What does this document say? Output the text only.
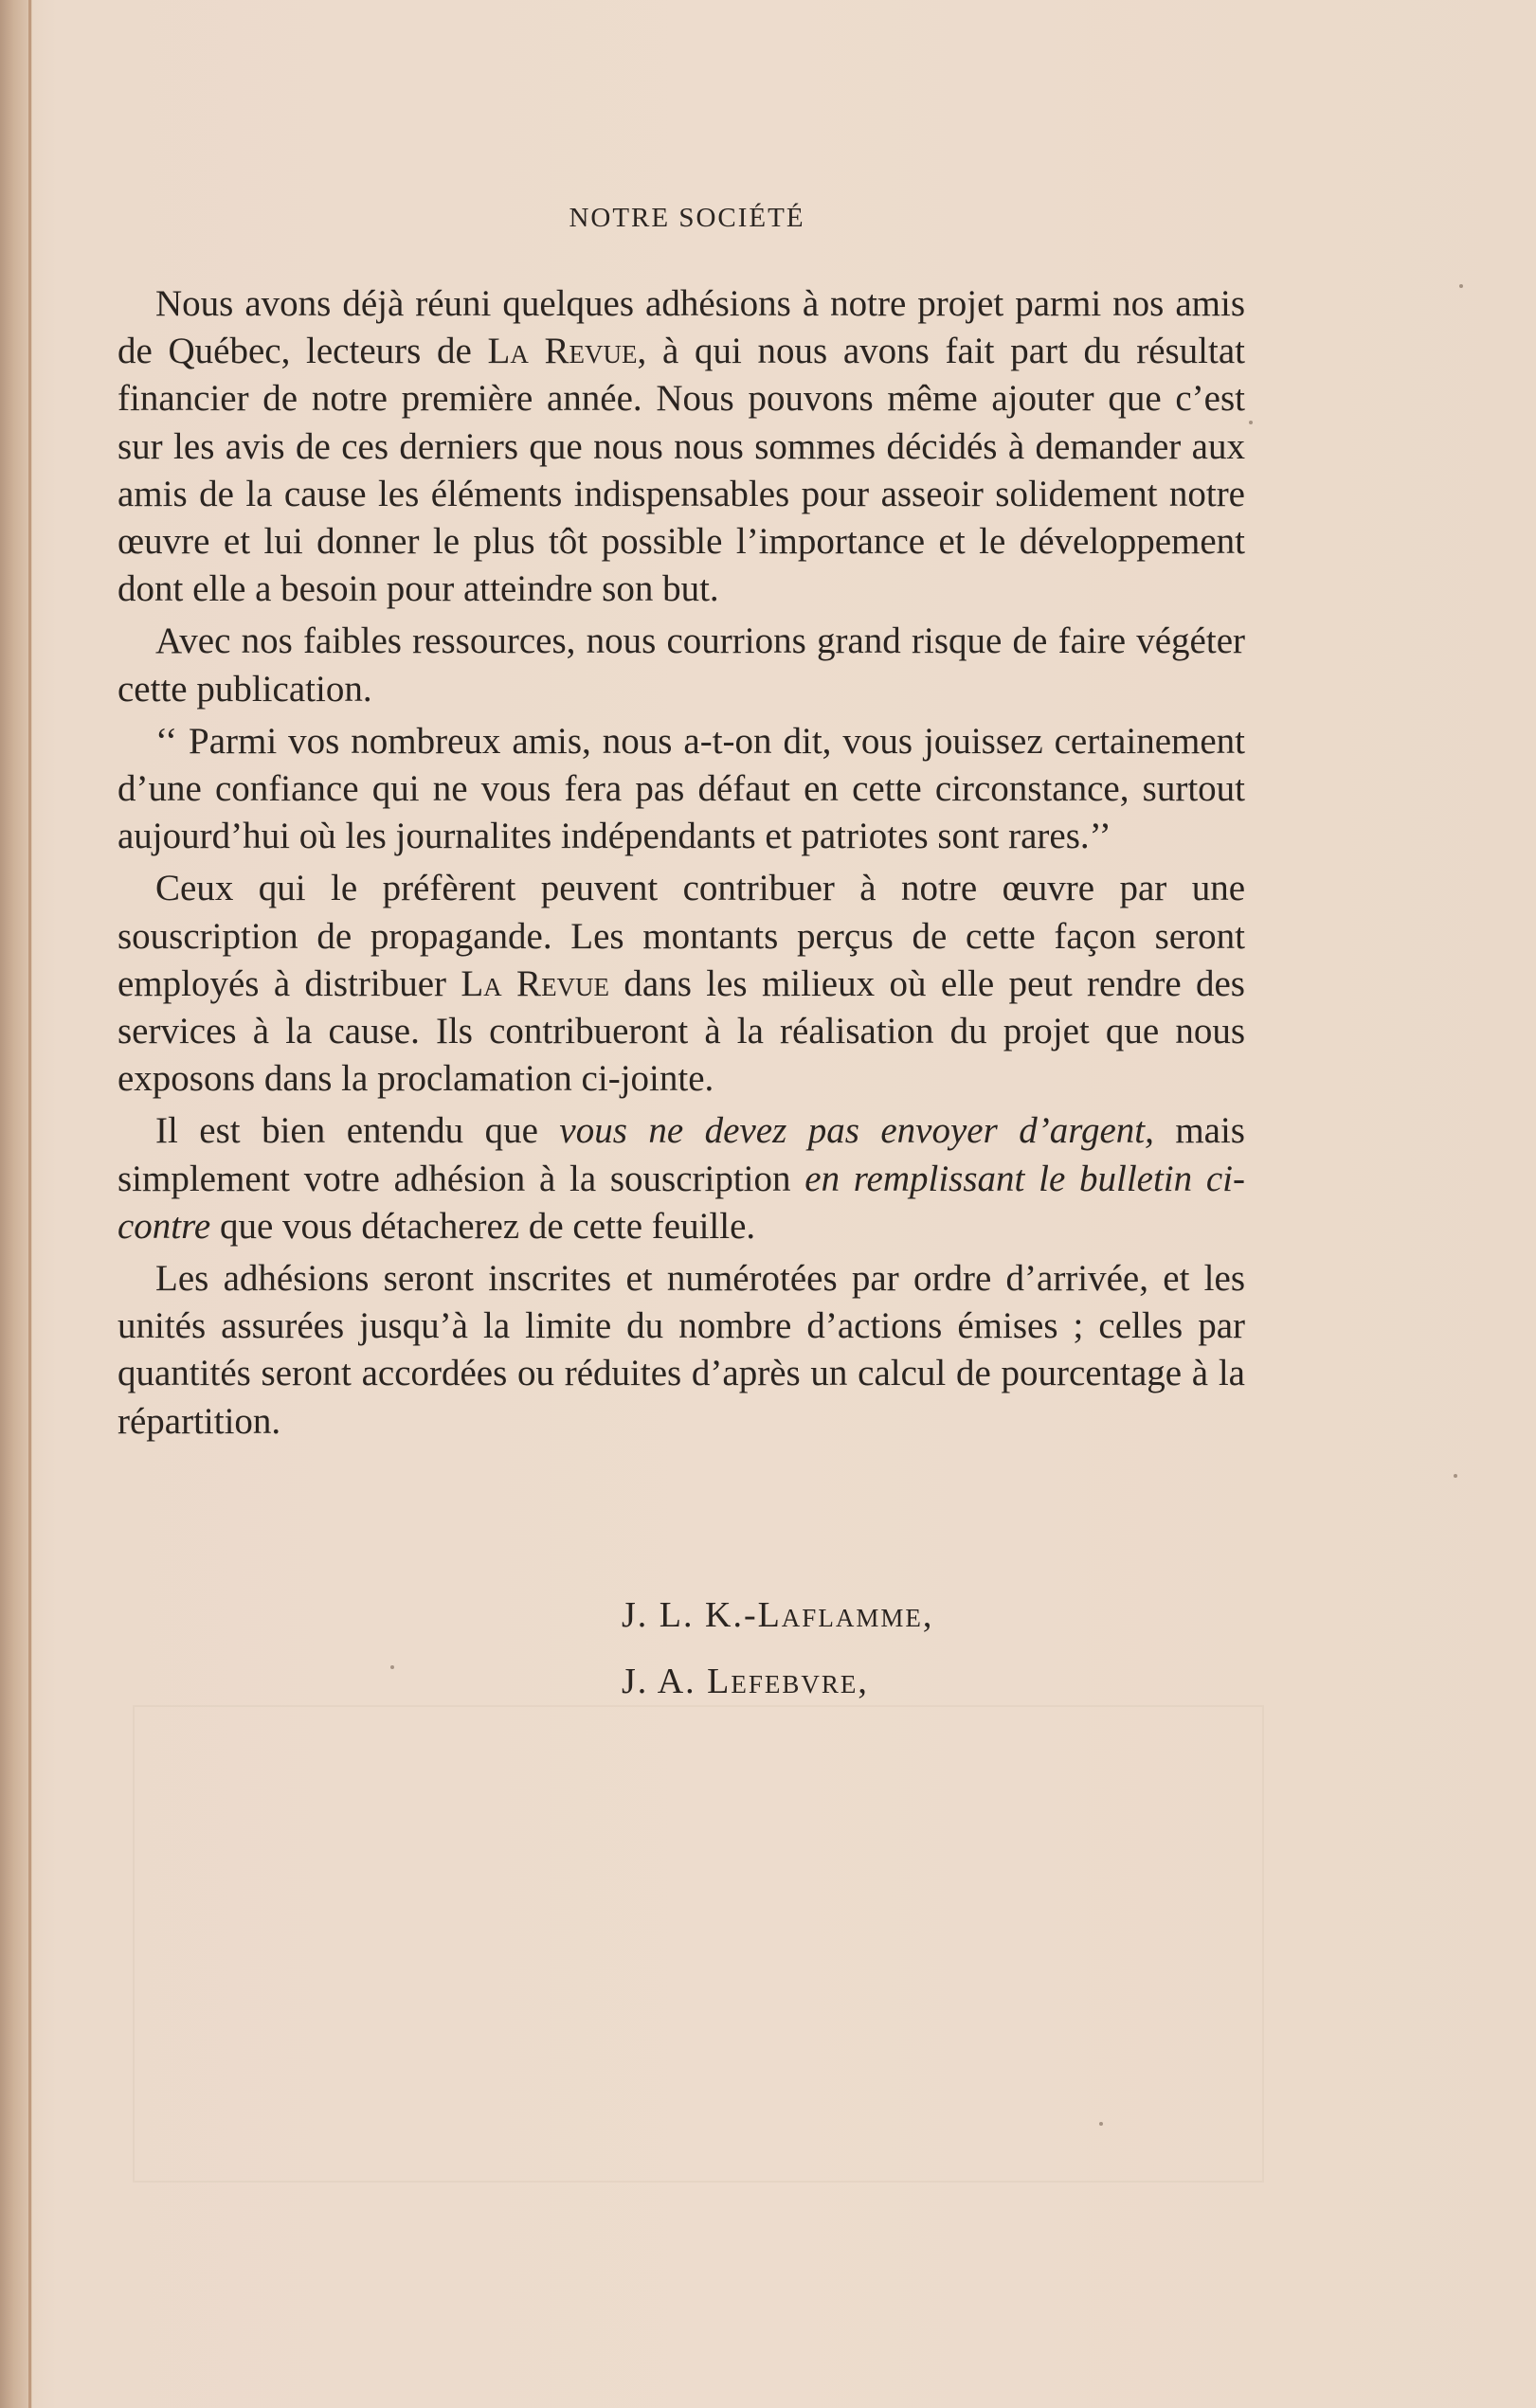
NOTRE SOCIÉTÉ

Nous avons déjà réuni quelques adhésions à notre projet parmi nos amis de Québec, lecteurs de La Revue, à qui nous avons fait part du résultat financier de notre première année. Nous pouvons même ajouter que c’est sur les avis de ces derniers que nous nous sommes décidés à demander aux amis de la cause les éléments indispensables pour asseoir solidement notre œuvre et lui donner le plus tôt possible l’importance et le développement dont elle a besoin pour atteindre son but.

Avec nos faibles ressources, nous courrions grand risque de faire végéter cette publication.

‘‘ Parmi vos nombreux amis, nous a-t-on dit, vous jouissez certainement d’une confiance qui ne vous fera pas défaut en cette circonstance, surtout aujourd’hui où les journalites indépendants et patriotes sont rares.’’

Ceux qui le préfèrent peuvent contribuer à notre œuvre par une souscription de propagande. Les montants perçus de cette façon seront employés à distribuer La Revue dans les milieux où elle peut rendre des services à la cause. Ils contribueront à la réalisation du projet que nous exposons dans la proclamation ci-jointe.

Il est bien entendu que vous ne devez pas envoyer d’argent, mais simplement votre adhésion à la souscription en remplissant le bulletin ci-contre que vous détacherez de cette feuille.

Les adhésions seront inscrites et numérotées par ordre d’arrivée, et les unités assurées jusqu’à la limite du nombre d’actions émises ; celles par quantités seront accordées ou réduites d’après un calcul de pourcentage à la répartition.

J. L. K.-Laflamme,
J. A. Lefebvre,
